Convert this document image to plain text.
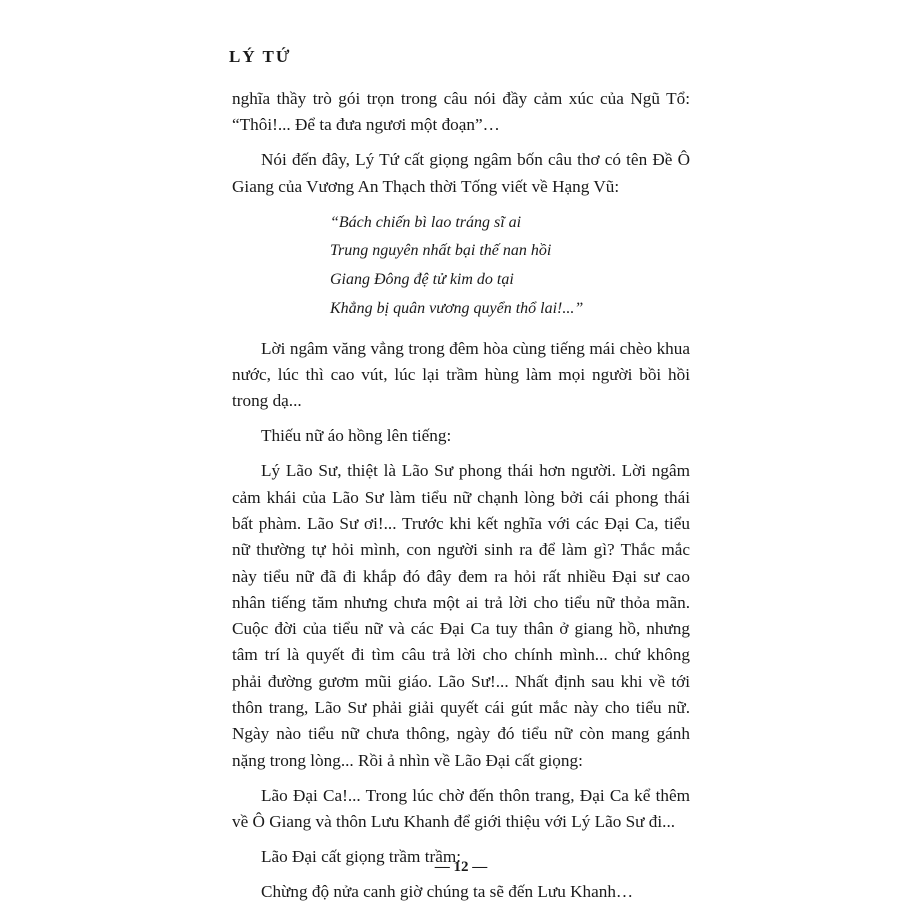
LÝ TỨ

nghĩa thầy trò gói trọn trong câu nói đầy cảm xúc của Ngũ Tổ: “Thôi!... Để ta đưa ngươi một đoạn”…

Nói đến đây, Lý Tứ cất giọng ngâm bốn câu thơ có tên Đề Ô Giang của Vương An Thạch thời Tống viết về Hạng Vũ:

“Bách chiến bì lao tráng sĩ ai
Trung nguyên nhất bại thế nan hồi
Giang Đông đệ tử kim do tại
Khẳng bị quân vương quyển thổ lai!...”

Lời ngâm văng vẳng trong đêm hòa cùng tiếng mái chèo khua nước, lúc thì cao vút, lúc lại trầm hùng làm mọi người bồi hồi trong dạ...

Thiếu nữ áo hồng lên tiếng:

Lý Lão Sư, thiệt là Lão Sư phong thái hơn người. Lời ngâm cảm khái của Lão Sư làm tiểu nữ chạnh lòng bởi cái phong thái bất phàm. Lão Sư ơi!... Trước khi kết nghĩa với các Đại Ca, tiểu nữ thường tự hỏi mình, con người sinh ra để làm gì? Thắc mắc này tiểu nữ đã đi khắp đó đây đem ra hỏi rất nhiều Đại sư cao nhân tiếng tăm nhưng chưa một ai trả lời cho tiểu nữ thỏa mãn. Cuộc đời của tiểu nữ và các Đại Ca tuy thân ở giang hồ, nhưng tâm trí là quyết đi tìm câu trả lời cho chính mình... chứ không phải đường gươm mũi giáo. Lão Sư!... Nhất định sau khi về tới thôn trang, Lão Sư phải giải quyết cái gút mắc này cho tiểu nữ. Ngày nào tiểu nữ chưa thông, ngày đó tiểu nữ còn mang gánh nặng trong lòng... Rồi ả nhìn về Lão Đại cất giọng:

Lão Đại Ca!... Trong lúc chờ đến thôn trang, Đại Ca kể thêm về Ô Giang và thôn Lưu Khanh để giới thiệu với Lý Lão Sư đi...

Lão Đại cất giọng trầm trầm:

Chừng độ nửa canh giờ chúng ta sẽ đến Lưu Khanh…

— 12 —
